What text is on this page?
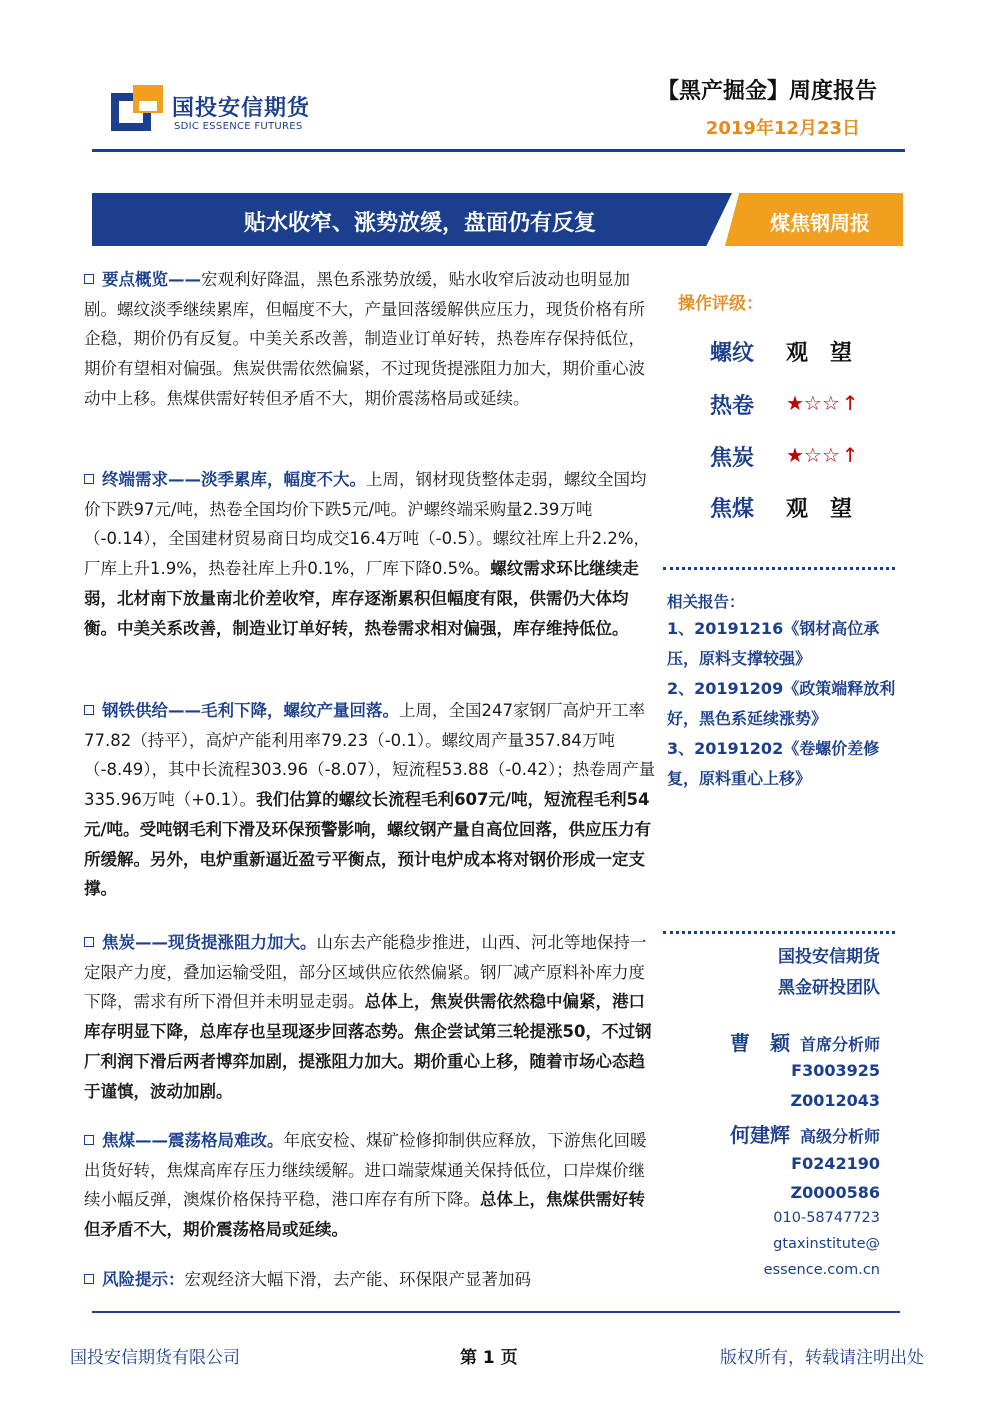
国投安信期货
SDIC ESSENCE FUTURES
【黑产掘金】周度报告
2019年12月23日
贴水收窄、涨势放缓，盘面仍有反复	煤焦钢周报

要点概览——宏观利好降温，黑色系涨势放缓，贴水收窄后波动也明显加剧。螺纹淡季继续累库，但幅度不大，产量回落缓解供应压力，现货价格有所企稳，期价仍有反复。中美关系改善，制造业订单好转，热卷库存保持低位，期价有望相对偏强。焦炭供需依然偏紧，不过现货提涨阻力加大，期价重心波动中上移。焦煤供需好转但矛盾不大，期价震荡格局或延续。

终端需求——淡季累库，幅度不大。上周，钢材现货整体走弱，螺纹全国均价下跌97元/吨，热卷全国均价下跌5元/吨。沪螺终端采购量2.39万吨（-0.14），全国建材贸易商日均成交16.4万吨（-0.5）。螺纹社库上升2.2%，厂库上升1.9%，热卷社库上升0.1%，厂库下降0.5%。螺纹需求环比继续走弱，北材南下放量南北价差收窄，库存逐渐累积但幅度有限，供需仍大体均衡。中美关系改善，制造业订单好转，热卷需求相对偏强，库存维持低位。

钢铁供给——毛利下降，螺纹产量回落。上周，全国247家钢厂高炉开工率77.82（持平），高炉产能利用率79.23（-0.1）。螺纹周产量357.84万吨（-8.49），其中长流程303.96（-8.07），短流程53.88（-0.42）；热卷周产量335.96万吨（+0.1）。我们估算的螺纹长流程毛利607元/吨，短流程毛利54元/吨。受吨钢毛利下滑及环保预警影响，螺纹钢产量自高位回落，供应压力有所缓解。另外，电炉重新逼近盈亏平衡点，预计电炉成本将对钢价形成一定支撑。

焦炭——现货提涨阻力加大。山东去产能稳步推进，山西、河北等地保持一定限产力度，叠加运输受阻，部分区域供应依然偏紧。钢厂减产原料补库力度下降，需求有所下滑但并未明显走弱。总体上，焦炭供需依然稳中偏紧，港口库存明显下降，总库存也呈现逐步回落态势。焦企尝试第三轮提涨50，不过钢厂利润下滑后两者博弈加剧，提涨阻力加大。期价重心上移，随着市场心态趋于谨慎，波动加剧。

焦煤——震荡格局难改。年底安检、煤矿检修抑制供应释放，下游焦化回暖出货好转，焦煤高库存压力继续缓解。进口端蒙煤通关保持低位，口岸煤价继续小幅反弹，澳煤价格保持平稳，港口库存有所下降。总体上，焦煤供需好转但矛盾不大，期价震荡格局或延续。

风险提示：宏观经济大幅下滑，去产能、环保限产显著加码

操作评级：
螺纹 观　望
热卷 ★☆☆ ↑
焦炭 ★☆☆ ↑
焦煤 观　望
相关报告：
1、20191216《钢材高位承压，原料支撑较强》
2、20191209《政策端释放利好，黑色系延续涨势》
3、20191202《卷螺价差修复，原料重心上移》
国投安信期货
黑金研投团队
曹　颖 首席分析师
F3003925
Z0012043
何建辉 高级分析师
F0242190
Z0000586
010-58747723
gtaxinstitute@
essence.com.cn
国投安信期货有限公司	第 1 页	版权所有，转载请注明出处
